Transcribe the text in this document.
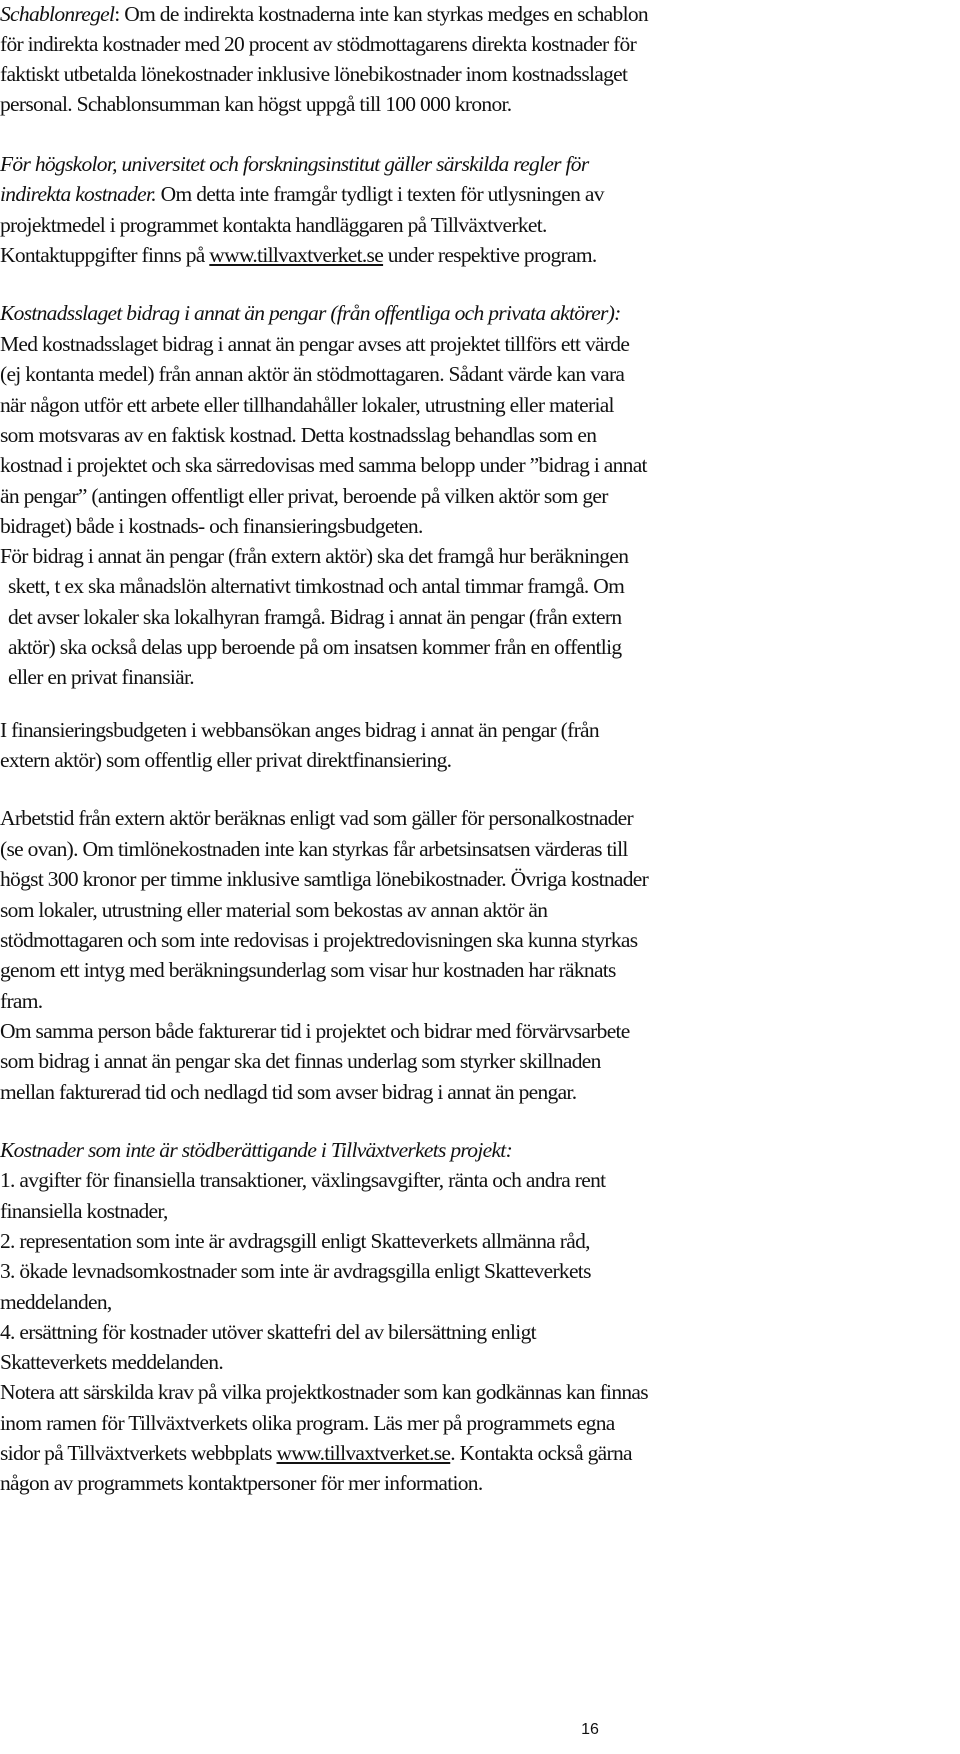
Schablonregel: Om de indirekta kostnaderna inte kan styrkas medges en schablon
för indirekta kostnader med 20 procent av stödmottagarens direkta kostnader för
faktiskt utbetalda lönekostnader inklusive lönebikostnader inom kostnadsslaget
personal. Schablonsumman kan högst uppgå till 100 000 kronor.
För högskolor, universitet och forskningsinstitut gäller särskilda regler för
indirekta kostnader. Om detta inte framgår tydligt i texten för utlysningen av
projektmedel i programmet kontakta handläggaren på Tillväxtverket.
Kontaktuppgifter finns på www.tillvaxtverket.se under respektive program.
Kostnadsslaget bidrag i annat än pengar (från offentliga och privata aktörer):
Med kostnadsslaget bidrag i annat än pengar avses att projektet tillförs ett värde
(ej kontanta medel) från annan aktör än stödmottagaren. Sådant värde kan vara
när någon utför ett arbete eller tillhandahåller lokaler, utrustning eller material
som motsvaras av en faktisk kostnad. Detta kostnadsslag behandlas som en
kostnad i projektet och ska särredovisas med samma belopp under ”bidrag i annat
än pengar” (antingen offentligt eller privat, beroende på vilken aktör som ger
bidraget) både i kostnads- och finansieringsbudgeten.
För bidrag i annat än pengar (från extern aktör) ska det framgå hur beräkningen
skett, t ex ska månadslön alternativt timkostnad och antal timmar framgå. Om
det avser lokaler ska lokalhyran framgå. Bidrag i annat än pengar (från extern
aktör) ska också delas upp beroende på om insatsen kommer från en offentlig
eller en privat finansiär.
I finansieringsbudgeten i webbansökan anges bidrag i annat än pengar (från
extern aktör) som offentlig eller privat direktfinansiering.
Arbetstid från extern aktör beräknas enligt vad som gäller för personalkostnader
(se ovan). Om timlönekostnaden inte kan styrkas får arbetsinsatsen värderas till
högst 300 kronor per timme inklusive samtliga lönebikostnader. Övriga kostnader
som lokaler, utrustning eller material som bekostas av annan aktör än
stödmottagaren och som inte redovisas i projektredovisningen ska kunna styrkas
genom ett intyg med beräkningsunderlag som visar hur kostnaden har räknats
fram.
Om samma person både fakturerar tid i projektet och bidrar med förvärvsarbete
som bidrag i annat än pengar ska det finnas underlag som styrker skillnaden
mellan fakturerad tid och nedlagd tid som avser bidrag i annat än pengar.
Kostnader som inte är stödberättigande i Tillväxtverkets projekt:
1. avgifter för finansiella transaktioner, växlingsavgifter, ränta och andra rent
finansiella kostnader,
2. representation som inte är avdragsgill enligt Skatteverkets allmänna råd,
3. ökade levnadsomkostnader som inte är avdragsgilla enligt Skatteverkets
meddelanden,
4. ersättning för kostnader utöver skattefri del av bilersättning enligt
Skatteverkets meddelanden.
Notera att särskilda krav på vilka projektkostnader som kan godkännas kan finnas
inom ramen för Tillväxtverkets olika program. Läs mer på programmets egna
sidor på Tillväxtverkets webbplats www.tillvaxtverket.se. Kontakta också gärna
någon av programmets kontaktpersoner för mer information.
16
